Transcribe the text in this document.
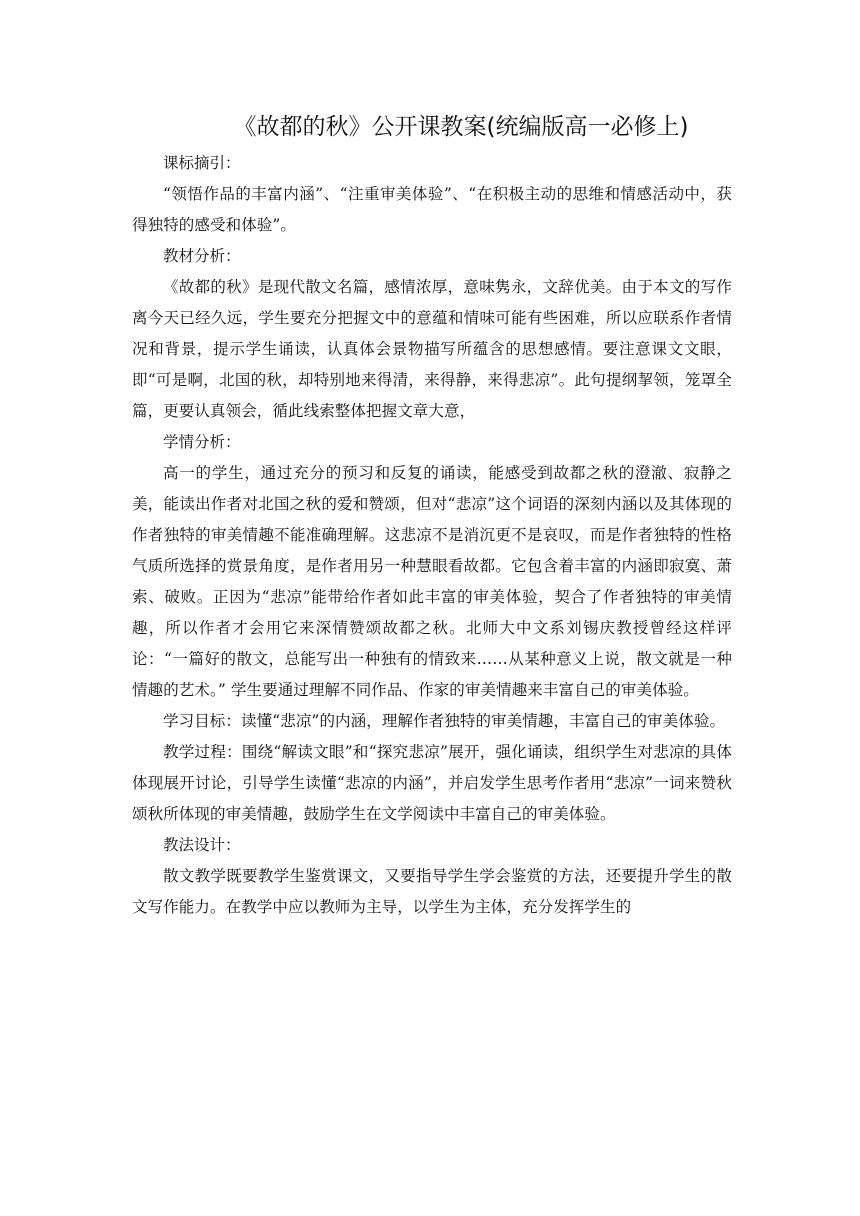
《故都的秋》公开课教案(统编版高一必修上)

课标摘引：

“领悟作品的丰富内涵”、“注重审美体验”、“在积极主动的思维和情感活动中，获得独特的感受和体验”。

教材分析：

《故都的秋》是现代散文名篇，感情浓厚，意味隽永，文辞优美。由于本文的写作离今天已经久远，学生要充分把握文中的意蕴和情味可能有些困难，所以应联系作者情况和背景，提示学生诵读，认真体会景物描写所蕴含的思想感情。要注意课文文眼，即“可是啊，北国的秋，却特别地来得清，来得静，来得悲凉”。此句提纲挈领，笼罩全篇，更要认真领会，循此线索整体把握文章大意，

学情分析：

高一的学生，通过充分的预习和反复的诵读，能感受到故都之秋的澄澈、寂静之美，能读出作者对北国之秋的爱和赞颂，但对“悲凉”这个词语的深刻内涵以及其体现的作者独特的审美情趣不能准确理解。这悲凉不是消沉更不是哀叹，而是作者独特的性格气质所选择的赏景角度，是作者用另一种慧眼看故都。它包含着丰富的内涵即寂寞、萧索、破败。正因为“悲凉”能带给作者如此丰富的审美体验，契合了作者独特的审美情趣，所以作者才会用它来深情赞颂故都之秋。北师大中文系刘锡庆教授曾经这样评论：“一篇好的散文，总能写出一种独有的情致来……从某种意义上说，散文就是一种情趣的艺术。” 学生要通过理解不同作品、作家的审美情趣来丰富自己的审美体验。

学习目标：读懂“悲凉”的内涵，理解作者独特的审美情趣，丰富自己的审美体验。

教学过程：围绕“解读文眼”和“探究悲凉”展开，强化诵读，组织学生对悲凉的具体体现展开讨论，引导学生读懂“悲凉的内涵”，并启发学生思考作者用“悲凉”一词来赞秋颂秋所体现的审美情趣，鼓励学生在文学阅读中丰富自己的审美体验。

教法设计：

散文教学既要教学生鉴赏课文，又要指导学生学会鉴赏的方法，还要提升学生的散文写作能力。在教学中应以教师为主导，以学生为主体，充分发挥学生的
